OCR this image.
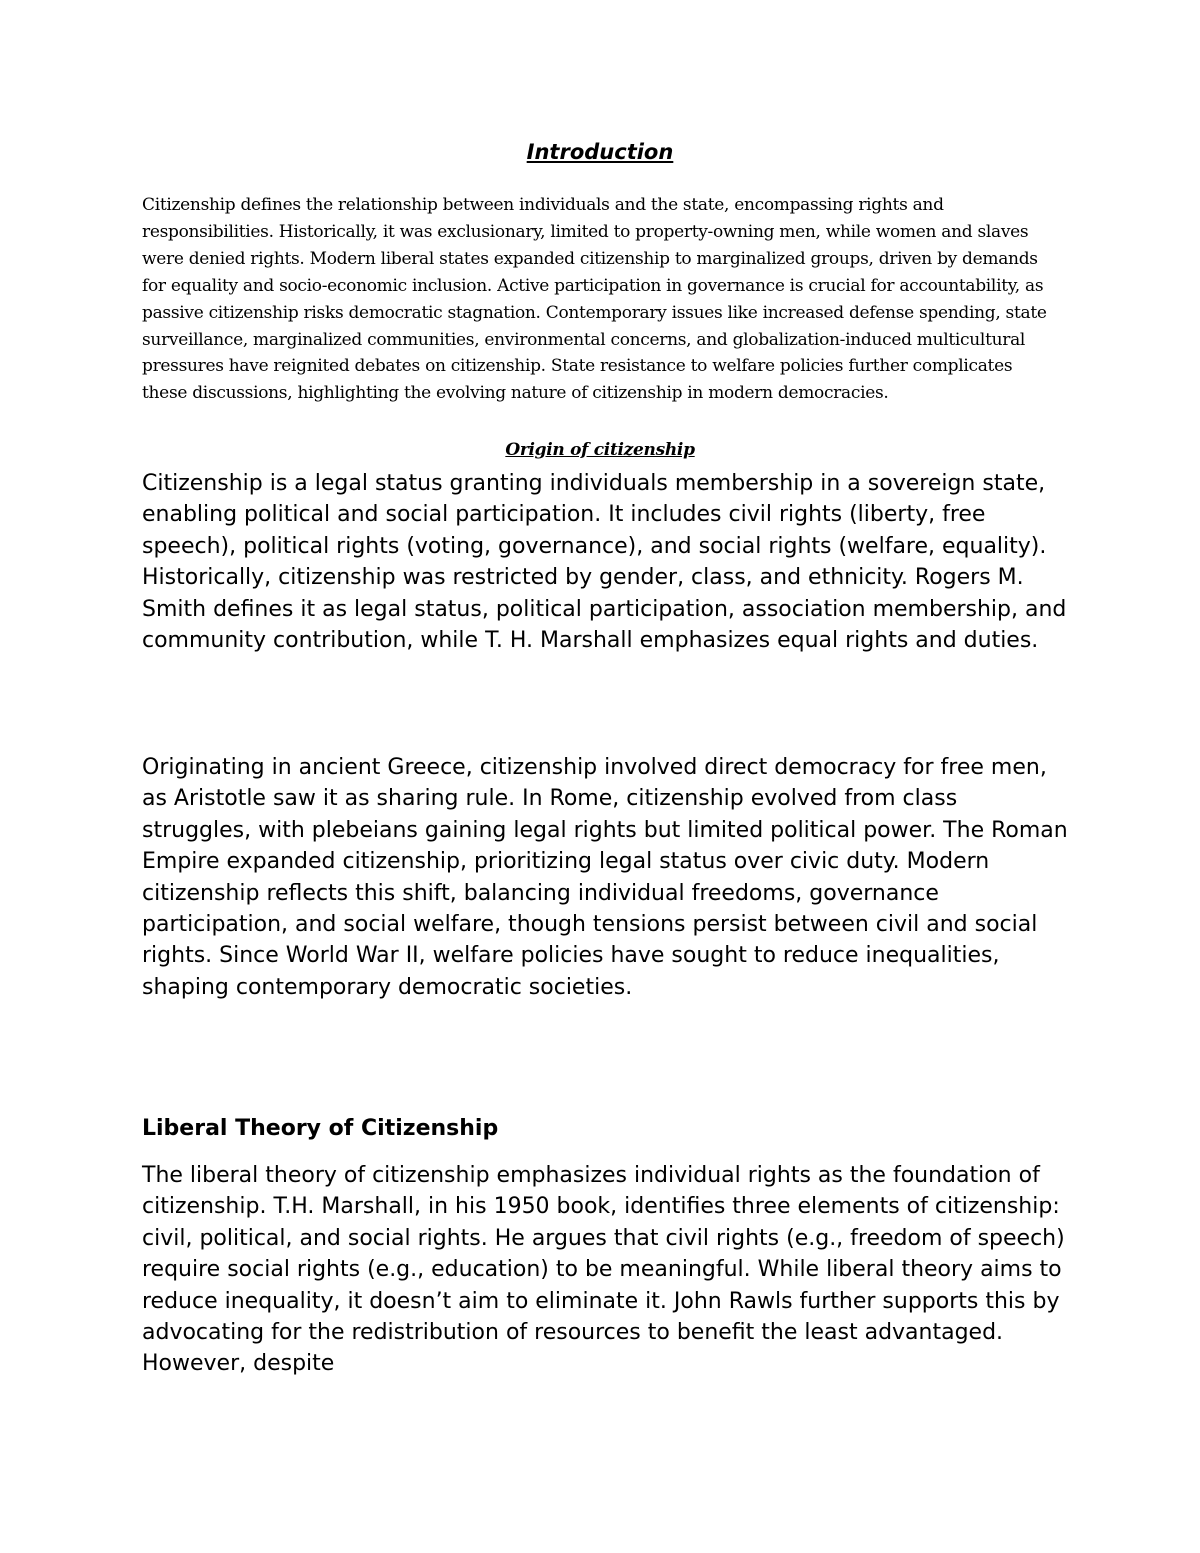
Introduction

Citizenship defines the relationship between individuals and the state, encompassing rights and responsibilities. Historically, it was exclusionary, limited to property-owning men, while women and slaves were denied rights. Modern liberal states expanded citizenship to marginalized groups, driven by demands for equality and socio-economic inclusion. Active participation in governance is crucial for accountability, as passive citizenship risks democratic stagnation. Contemporary issues like increased defense spending, state surveillance, marginalized communities, environmental concerns, and globalization-induced multicultural pressures have reignited debates on citizenship. State resistance to welfare policies further complicates these discussions, highlighting the evolving nature of citizenship in modern democracies.

Origin of citizenship

Citizenship is a legal status granting individuals membership in a sovereign state, enabling political and social participation. It includes civil rights (liberty, free speech), political rights (voting, governance), and social rights (welfare, equality). Historically, citizenship was restricted by gender, class, and ethnicity. Rogers M. Smith defines it as legal status, political participation, association membership, and community contribution, while T. H. Marshall emphasizes equal rights and duties.

Originating in ancient Greece, citizenship involved direct democracy for free men, as Aristotle saw it as sharing rule. In Rome, citizenship evolved from class struggles, with plebeians gaining legal rights but limited political power. The Roman Empire expanded citizenship, prioritizing legal status over civic duty. Modern citizenship reflects this shift, balancing individual freedoms, governance participation, and social welfare, though tensions persist between civil and social rights. Since World War II, welfare policies have sought to reduce inequalities, shaping contemporary democratic societies.

Liberal Theory of Citizenship

The liberal theory of citizenship emphasizes individual rights as the foundation of citizenship. T.H. Marshall, in his 1950 book, identifies three elements of citizenship: civil, political, and social rights. He argues that civil rights (e.g., freedom of speech) require social rights (e.g., education) to be meaningful. While liberal theory aims to reduce inequality, it doesn’t aim to eliminate it. John Rawls further supports this by advocating for the redistribution of resources to benefit the least advantaged. However, despite
